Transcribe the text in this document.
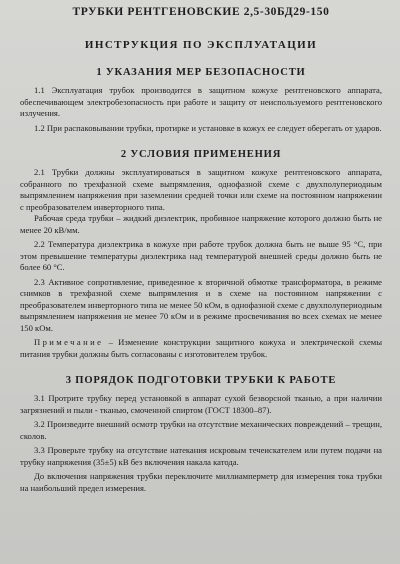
ТРУБКИ РЕНТГЕНОВСКИЕ 2,5-30БД29-150
ИНСТРУКЦИЯ ПО ЭКСПЛУАТАЦИИ
1 УКАЗАНИЯ МЕР БЕЗОПАСНОСТИ

1.1 Эксплуатация трубок производится в защитном кожухе рентгеновского аппарата, обеспечивающем электробезопасность при работе и защиту от неиспользуемого рентгеновского излучения.

1.2 При распаковывании трубки, протирке и установке в кожух ее следует оберегать от ударов.

2 УСЛОВИЯ ПРИМЕНЕНИЯ

2.1 Трубки должны эксплуатироваться в защитном кожухе рентгеновского аппарата, собранного по трехфазной схеме выпрямления, однофазной схеме с двухполупериодным выпрямлением напряжения при заземлении средней точки или схеме на постоянном напряжении с преобразователем инверторного типа.

Рабочая среда трубки – жидкий диэлектрик, пробивное напряжение которого должно быть не менее 20 кВ/мм.

2.2 Температура диэлектрика в кожухе при работе трубок должна быть не выше 95 °С, при этом превышение температуры диэлектрика над температурой внешней среды должно быть не более 60 °С.

2.3 Активное сопротивление, приведенное к вторичной обмотке трансформатора, в режиме снимков в трехфазной схеме выпрямления и в схеме на постоянном напряжении с преобразователем инверторного типа не менее 50 кОм, в однофазной схеме с двухполупериодным выпрямлением напряжения не менее 70 кОм и в режиме просвечивания во всех схемах не менее 150 кОм.

Примечание – Изменение конструкции защитного кожуха и электрической схемы питания трубки должны быть согласованы с изготовителем трубок.

3 ПОРЯДОК ПОДГОТОВКИ ТРУБКИ К РАБОТЕ

3.1 Протрите трубку перед установкой в аппарат сухой безворсной тканью, а при наличии загрязнений и пыли - тканью, смоченной спиртом (ГОСТ 18300–87).

3.2 Произведите внешний осмотр трубки на отсутствие механических повреждений – трещин, сколов.

3.3 Проверьте трубку на отсутствие натекания искровым течеискателем или путем подачи на трубку напряжения (35±5) кВ без включения накала катода.

До включения напряжения трубки переключите миллиамперметр для измерения тока трубки на наибольший предел измерения.
